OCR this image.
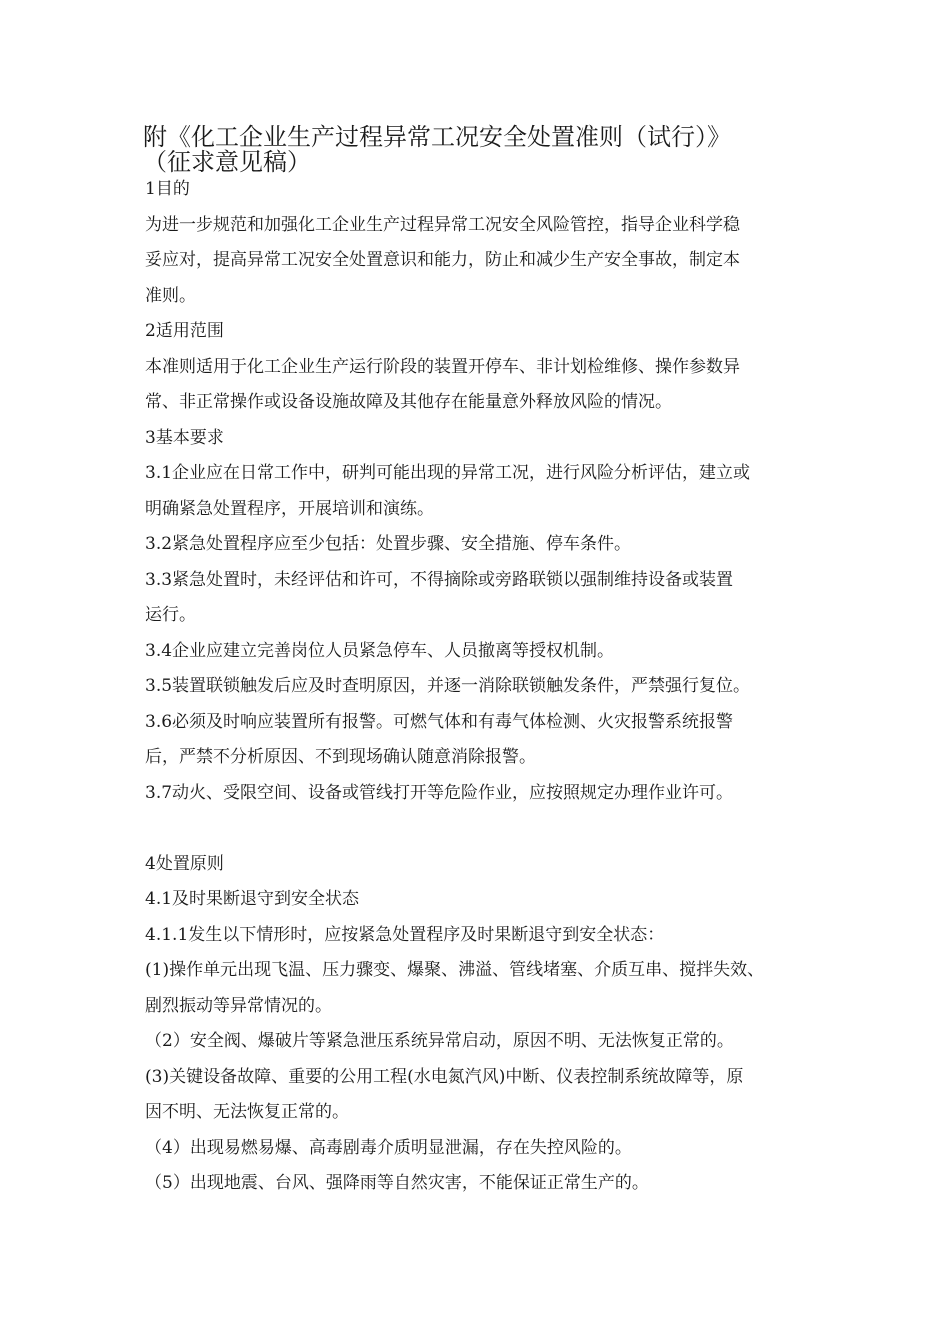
附《化工企业生产过程异常工况安全处置准则（试行）》
（征求意见稿）
1目的
为进一步规范和加强化工企业生产过程异常工况安全风险管控，指导企业科学稳
妥应对，提高异常工况安全处置意识和能力，防止和减少生产安全事故，制定本
准则。
2适用范围
本准则适用于化工企业生产运行阶段的装置开停车、非计划检维修、操作参数异
常、非正常操作或设备设施故障及其他存在能量意外释放风险的情况。
3基本要求
3.1企业应在日常工作中，研判可能出现的异常工况，进行风险分析评估，建立或
明确紧急处置程序，开展培训和演练。
3.2紧急处置程序应至少包括：处置步骤、安全措施、停车条件。
3.3紧急处置时，未经评估和许可，不得摘除或旁路联锁以强制维持设备或装置
运行。
3.4企业应建立完善岗位人员紧急停车、人员撤离等授权机制。
3.5装置联锁触发后应及时查明原因，并逐一消除联锁触发条件，严禁强行复位。
3.6必须及时响应装置所有报警。可燃气体和有毒气体检测、火灾报警系统报警
后，严禁不分析原因、不到现场确认随意消除报警。
3.7动火、受限空间、设备或管线打开等危险作业，应按照规定办理作业许可。
4处置原则
4.1及时果断退守到安全状态
4.1.1发生以下情形时，应按紧急处置程序及时果断退守到安全状态：
(1)操作单元出现飞温、压力骤变、爆聚、沸溢、管线堵塞、介质互串、搅拌失效、
剧烈振动等异常情况的。
（2）安全阀、爆破片等紧急泄压系统异常启动，原因不明、无法恢复正常的。
(3)关键设备故障、重要的公用工程(水电氮汽风)中断、仪表控制系统故障等，原
因不明、无法恢复正常的。
（4）出现易燃易爆、高毒剧毒介质明显泄漏，存在失控风险的。
（5）出现地震、台风、强降雨等自然灾害，不能保证正常生产的。
